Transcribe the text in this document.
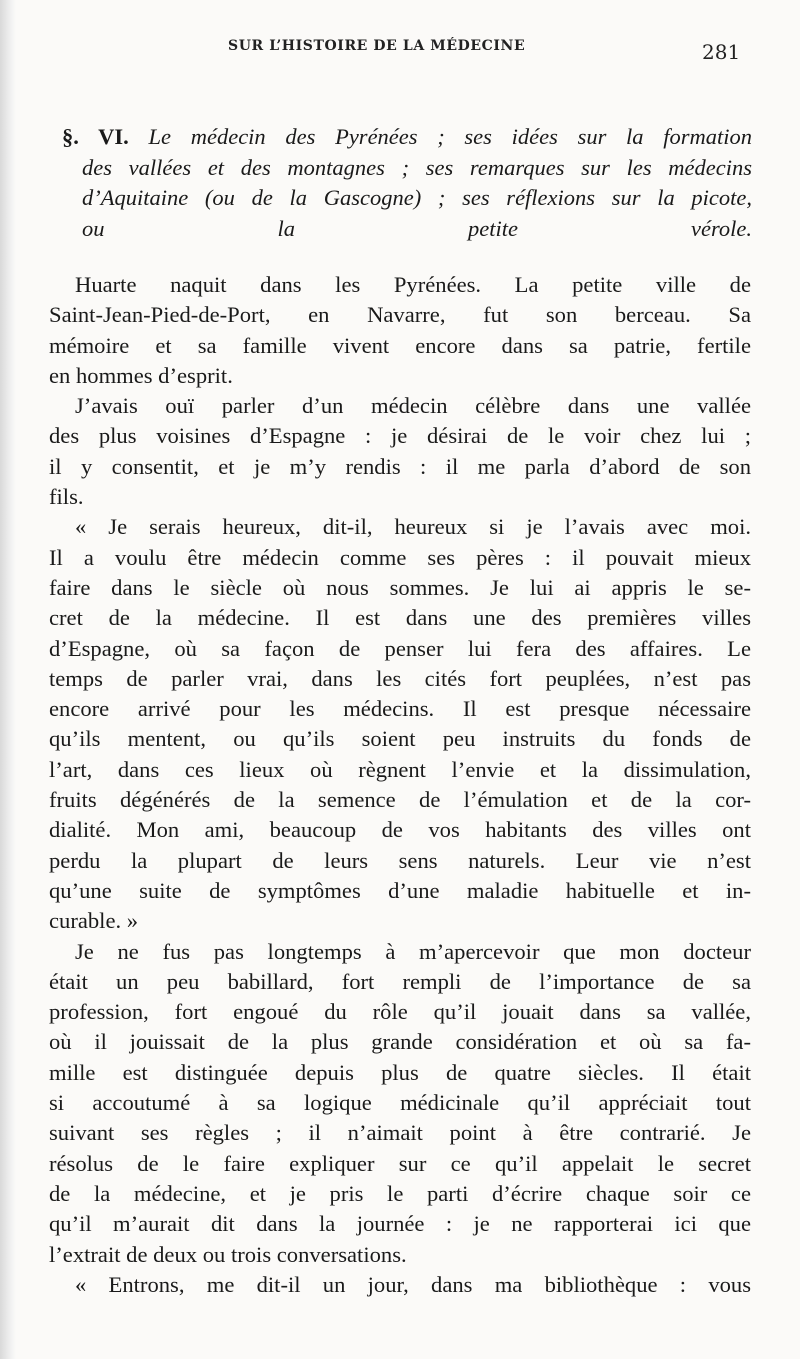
SUR L’HISTOIRE DE LA MÉDECINE	281
§. VI. Le médecin des Pyrénées ; ses idées sur la formation
des vallées et des montagnes ; ses remarques sur les médecins
d’Aquitaine (ou de la Gascogne) ; ses réflexions sur la picote,
ou la petite vérole.

Huarte naquit dans les Pyrénées. La petite ville de
Saint-Jean-Pied-de-Port, en Navarre, fut son berceau. Sa
mémoire et sa famille vivent encore dans sa patrie, fertile
en hommes d’esprit.

J’avais ouï parler d’un médecin célèbre dans une vallée
des plus voisines d’Espagne : je désirai de le voir chez lui ;
il y consentit, et je m’y rendis : il me parla d’abord de son
fils.

« Je serais heureux, dit-il, heureux si je l’avais avec moi.
Il a voulu être médecin comme ses pères : il pouvait mieux
faire dans le siècle où nous sommes. Je lui ai appris le se-
cret de la médecine. Il est dans une des premières villes
d’Espagne, où sa façon de penser lui fera des affaires. Le
temps de parler vrai, dans les cités fort peuplées, n’est pas
encore arrivé pour les médecins. Il est presque nécessaire
qu’ils mentent, ou qu’ils soient peu instruits du fonds de
l’art, dans ces lieux où règnent l’envie et la dissimulation,
fruits dégénérés de la semence de l’émulation et de la cor-
dialité. Mon ami, beaucoup de vos habitants des villes ont
perdu la plupart de leurs sens naturels. Leur vie n’est
qu’une suite de symptômes d’une maladie habituelle et in-
curable. »

Je ne fus pas longtemps à m’apercevoir que mon docteur
était un peu babillard, fort rempli de l’importance de sa
profession, fort engoué du rôle qu’il jouait dans sa vallée,
où il jouissait de la plus grande considération et où sa fa-
mille est distinguée depuis plus de quatre siècles. Il était
si accoutumé à sa logique médicinale qu’il appréciait tout
suivant ses règles ; il n’aimait point à être contrarié. Je
résolus de le faire expliquer sur ce qu’il appelait le secret
de la médecine, et je pris le parti d’écrire chaque soir ce
qu’il m’aurait dit dans la journée : je ne rapporterai ici que
l’extrait de deux ou trois conversations.

« Entrons, me dit-il un jour, dans ma bibliothèque : vous
